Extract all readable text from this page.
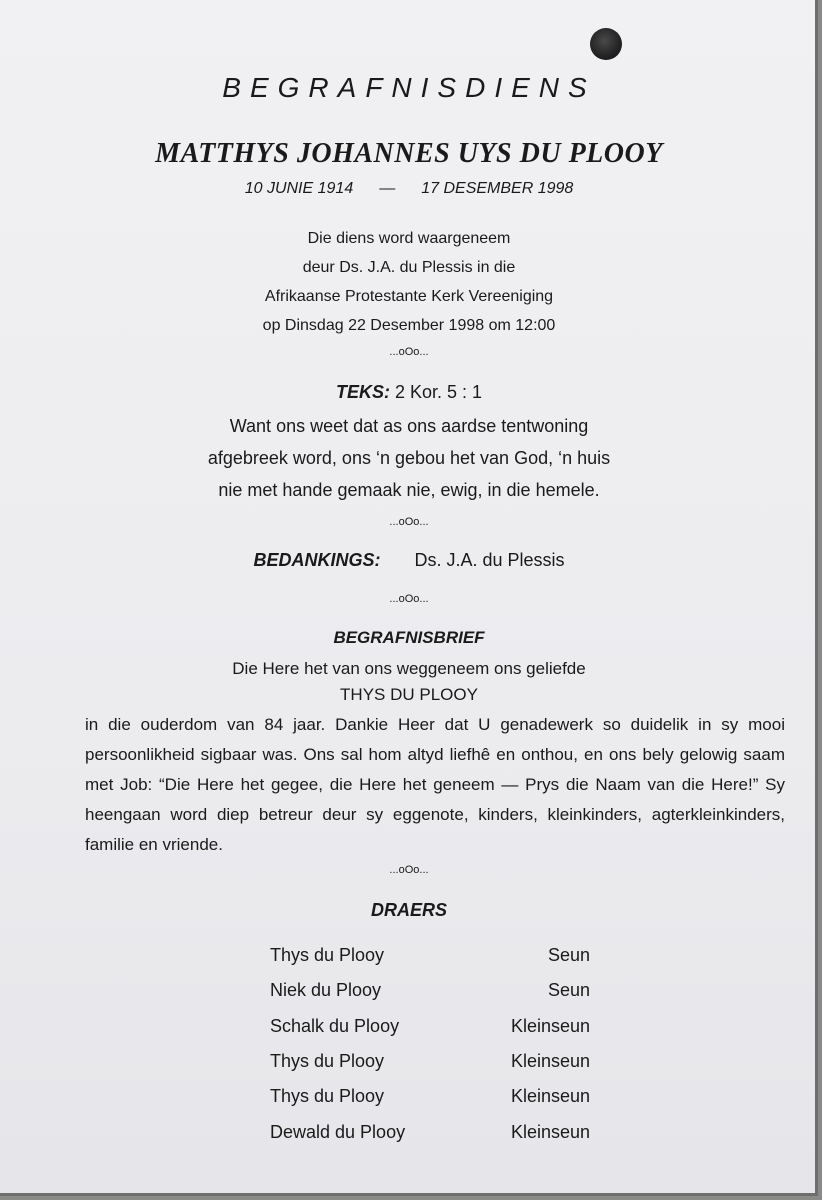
BEGRAFNISDIENS
MATTHYS JOHANNES UYS DU PLOOY
10 JUNIE 1914 — 17 DESEMBER 1998
Die diens word waargeneem
deur Ds. J.A. du Plessis in die
Afrikaanse Protestante Kerk Vereeniging
op Dinsdag 22 Desember 1998 om 12:00
...oOo...
TEKS: 2 Kor. 5 : 1
Want ons weet dat as ons aardse tentwoning
afgebreek word, ons ‘n gebou het van God, ‘n huis
nie met hande gemaak nie, ewig, in die hemele.
...oOo...
BEDANKINGS: Ds. J.A. du Plessis
...oOo...
BEGRAFNISBRIEF
Die Here het van ons weggeneem ons geliefde
THYS DU PLOOY
in die ouderdom van 84 jaar. Dankie Heer dat U genadewerk so duidelik in sy mooi persoonlikheid sigbaar was. Ons sal hom altyd liefhê en onthou, en ons bely gelowig saam met Job: “Die Here het gegee, die Here het geneem — Prys die Naam van die Here!” Sy heengaan word diep betreur deur sy eggenote, kinders, kleinkinders, agterkleinkinders, familie en vriende.
...oOo...
DRAERS
Thys du Plooy	Seun
Niek du Plooy	Seun
Schalk du Plooy	Kleinseun
Thys du Plooy	Kleinseun
Thys du Plooy	Kleinseun
Dewald du Plooy	Kleinseun
